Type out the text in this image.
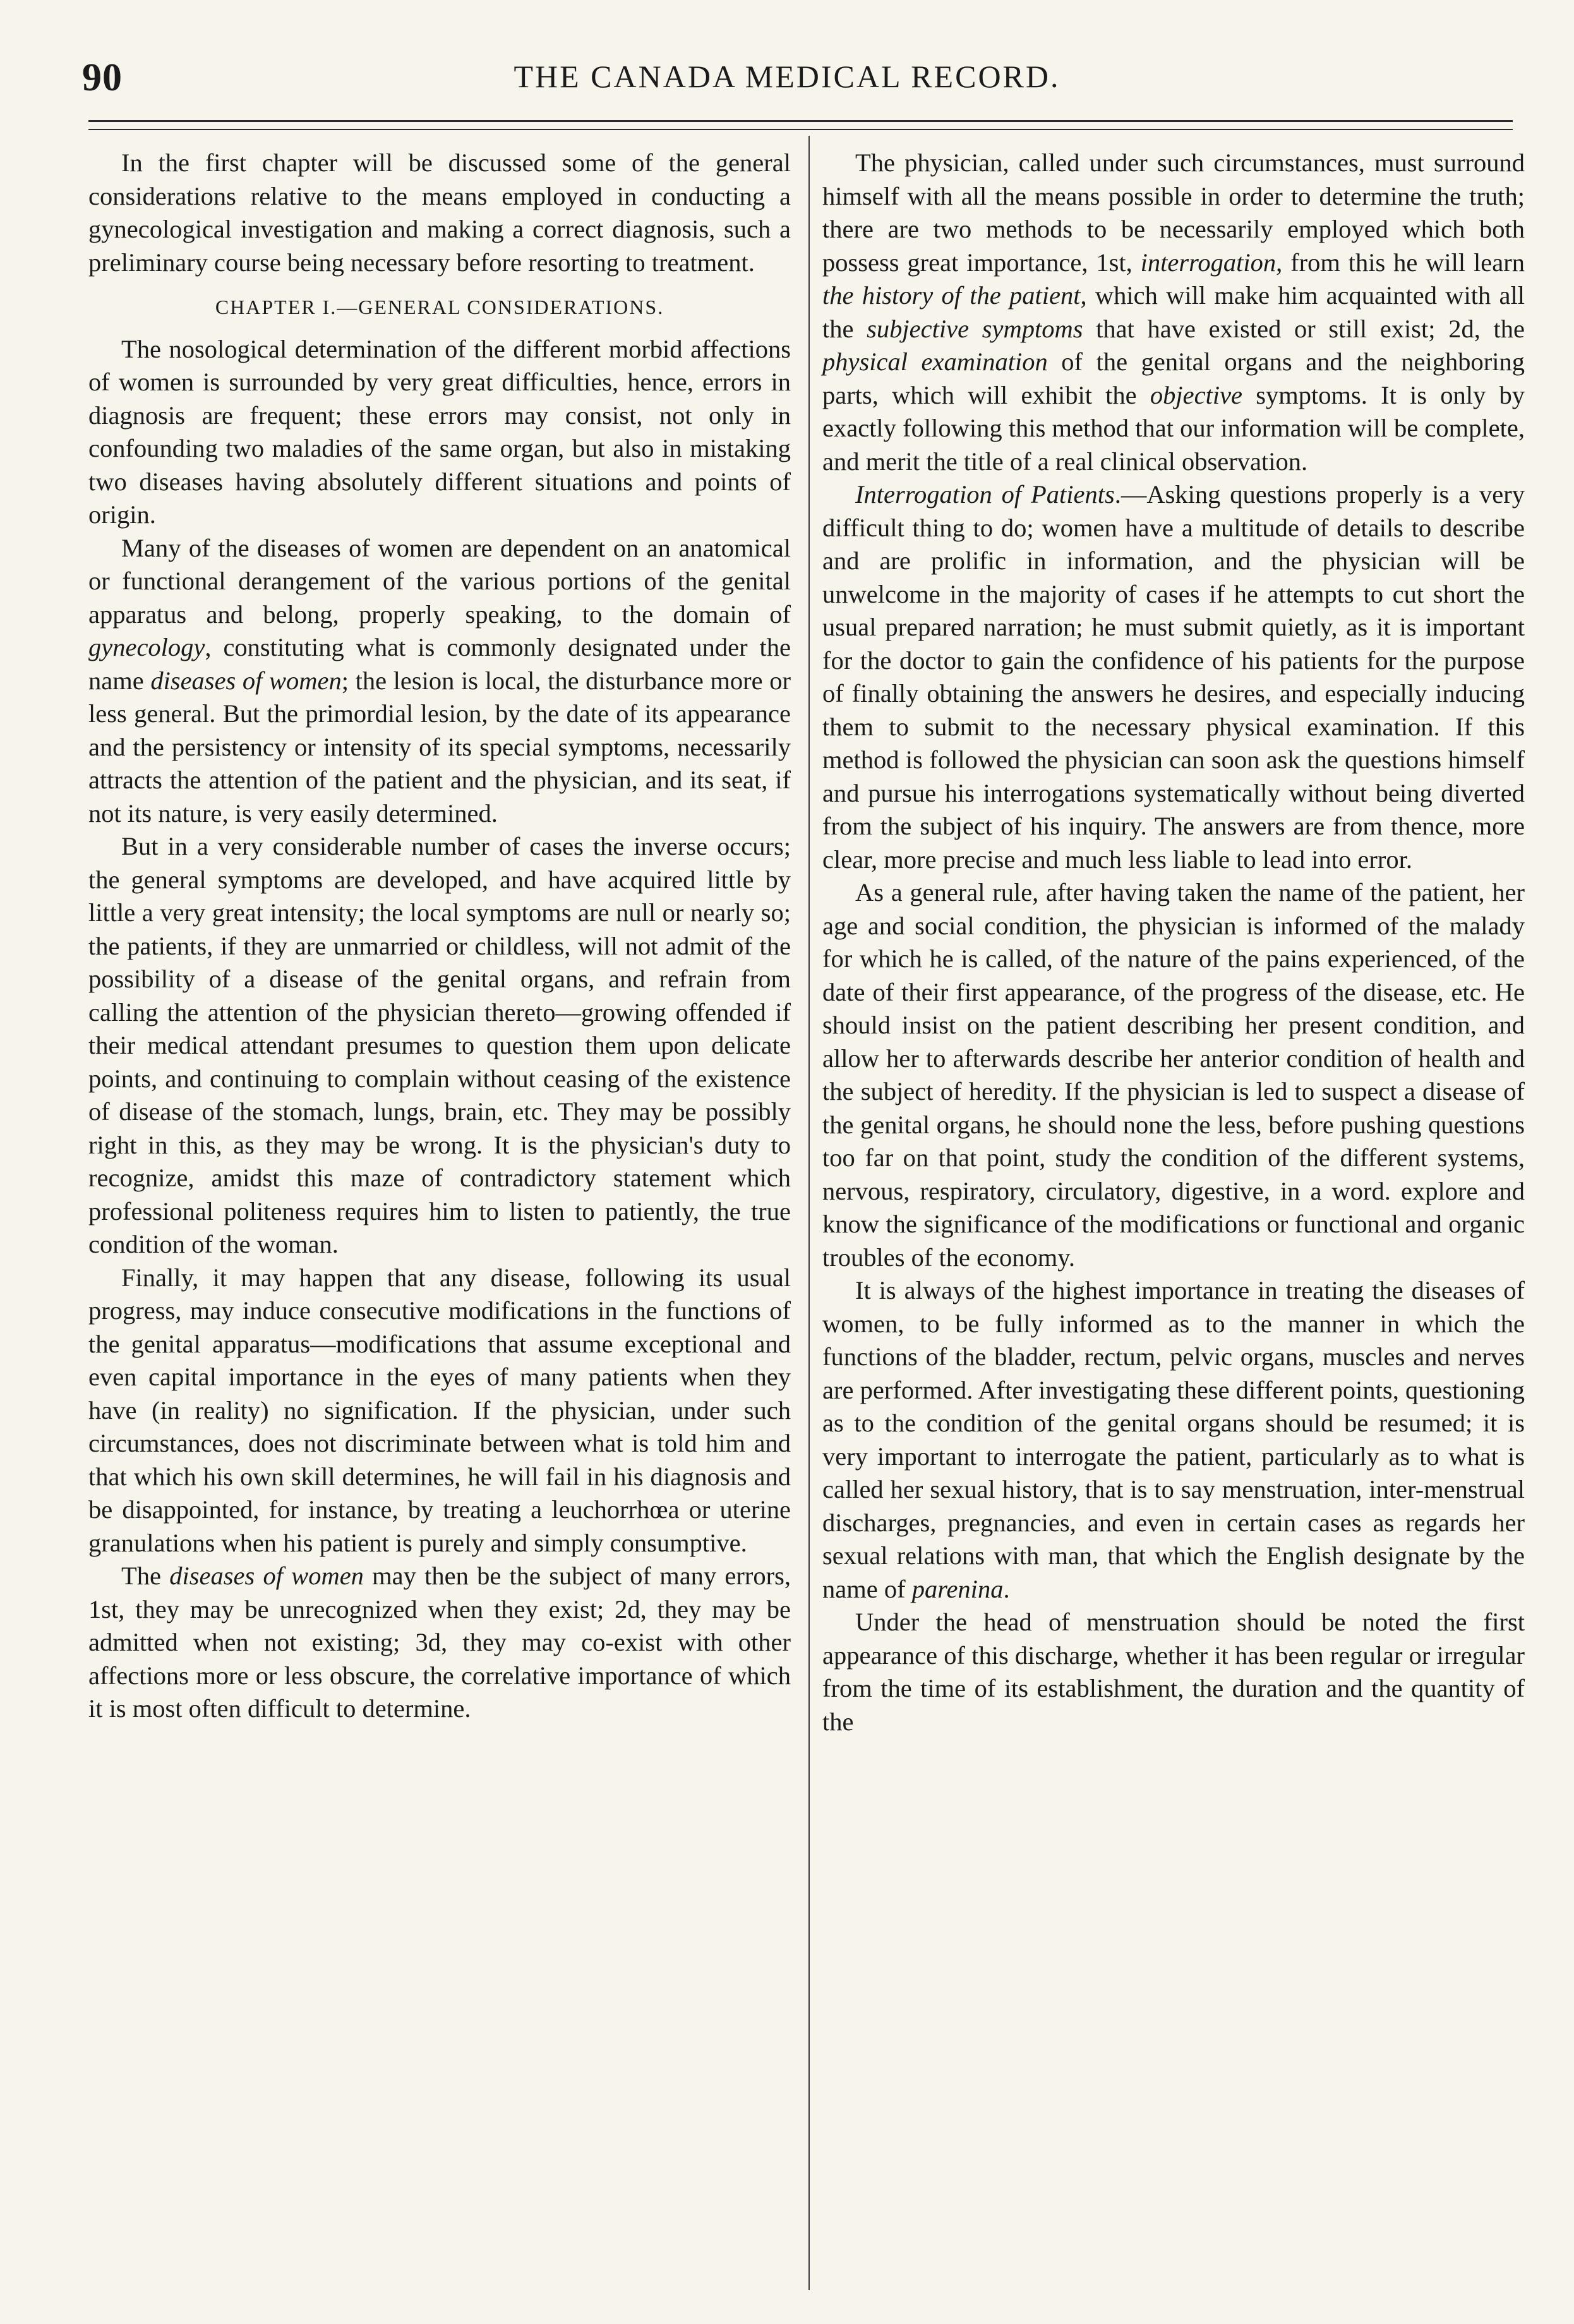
90	THE CANADA MEDICAL RECORD.

In the first chapter will be discussed some of the general considerations relative to the means employed in conducting a gynecological investigation and making a correct diagnosis, such a preliminary course being necessary before resorting to treatment.

CHAPTER I.—GENERAL CONSIDERATIONS.

The nosological determination of the different morbid affections of women is surrounded by very great difficulties, hence, errors in diagnosis are frequent; these errors may consist, not only in confounding two maladies of the same organ, but also in mistaking two diseases having absolutely different situations and points of origin.

Many of the diseases of women are dependent on an anatomical or functional derangement of the various portions of the genital apparatus and belong, properly speaking, to the domain of gynecology, constituting what is commonly designated under the name diseases of women; the lesion is local, the disturbance more or less general. But the primordial lesion, by the date of its appearance and the persistency or intensity of its special symptoms, necessarily attracts the attention of the patient and the physician, and its seat, if not its nature, is very easily determined.

But in a very considerable number of cases the inverse occurs; the general symptoms are developed, and have acquired little by little a very great intensity; the local symptoms are null or nearly so; the patients, if they are unmarried or childless, will not admit of the possibility of a disease of the genital organs, and refrain from calling the attention of the physician thereto—growing offended if their medical attendant presumes to question them upon delicate points, and continuing to complain without ceasing of the existence of disease of the stomach, lungs, brain, etc. They may be possibly right in this, as they may be wrong. It is the physician's duty to recognize, amidst this maze of contradictory statement which professional politeness requires him to listen to patiently, the true condition of the woman.

Finally, it may happen that any disease, following its usual progress, may induce consecutive modifications in the functions of the genital apparatus—modifications that assume exceptional and even capital importance in the eyes of many patients when they have (in reality) no signification. If the physician, under such circumstances, does not discriminate between what is told him and that which his own skill determines, he will fail in his diagnosis and be disappointed, for instance, by treating a leuchorrhœa or uterine granulations when his patient is purely and simply consumptive.

The diseases of women may then be the subject of many errors, 1st, they may be unrecognized when they exist; 2d, they may be admitted when not existing; 3d, they may co-exist with other affections more or less obscure, the correlative importance of which it is most often difficult to determine.

The physician, called under such circumstances, must surround himself with all the means possible in order to determine the truth; there are two methods to be necessarily employed which both possess great importance, 1st, interrogation, from this he will learn the history of the patient, which will make him acquainted with all the subjective symptoms that have existed or still exist; 2d, the physical examination of the genital organs and the neighboring parts, which will exhibit the objective symptoms. It is only by exactly following this method that our information will be complete, and merit the title of a real clinical observation.

Interrogation of Patients.—Asking questions properly is a very difficult thing to do; women have a multitude of details to describe and are prolific in information, and the physician will be unwelcome in the majority of cases if he attempts to cut short the usual prepared narration; he must submit quietly, as it is important for the doctor to gain the confidence of his patients for the purpose of finally obtaining the answers he desires, and especially inducing them to submit to the necessary physical examination. If this method is followed the physician can soon ask the questions himself and pursue his interrogations systematically without being diverted from the subject of his inquiry. The answers are from thence, more clear, more precise and much less liable to lead into error.

As a general rule, after having taken the name of the patient, her age and social condition, the physician is informed of the malady for which he is called, of the nature of the pains experienced, of the date of their first appearance, of the progress of the disease, etc. He should insist on the patient describing her present condition, and allow her to afterwards describe her anterior condition of health and the subject of heredity. If the physician is led to suspect a disease of the genital organs, he should none the less, before pushing questions too far on that point, study the condition of the different systems, nervous, respiratory, circulatory, digestive, in a word. explore and know the significance of the modifications or functional and organic troubles of the economy.

It is always of the highest importance in treating the diseases of women, to be fully informed as to the manner in which the functions of the bladder, rectum, pelvic organs, muscles and nerves are performed. After investigating these different points, questioning as to the condition of the genital organs should be resumed; it is very important to interrogate the patient, particularly as to what is called her sexual history, that is to say menstruation, inter-menstrual discharges, pregnancies, and even in certain cases as regards her sexual relations with man, that which the English designate by the name of parenina.

Under the head of menstruation should be noted the first appearance of this discharge, whether it has been regular or irregular from the time of its establishment, the duration and the quantity of the
